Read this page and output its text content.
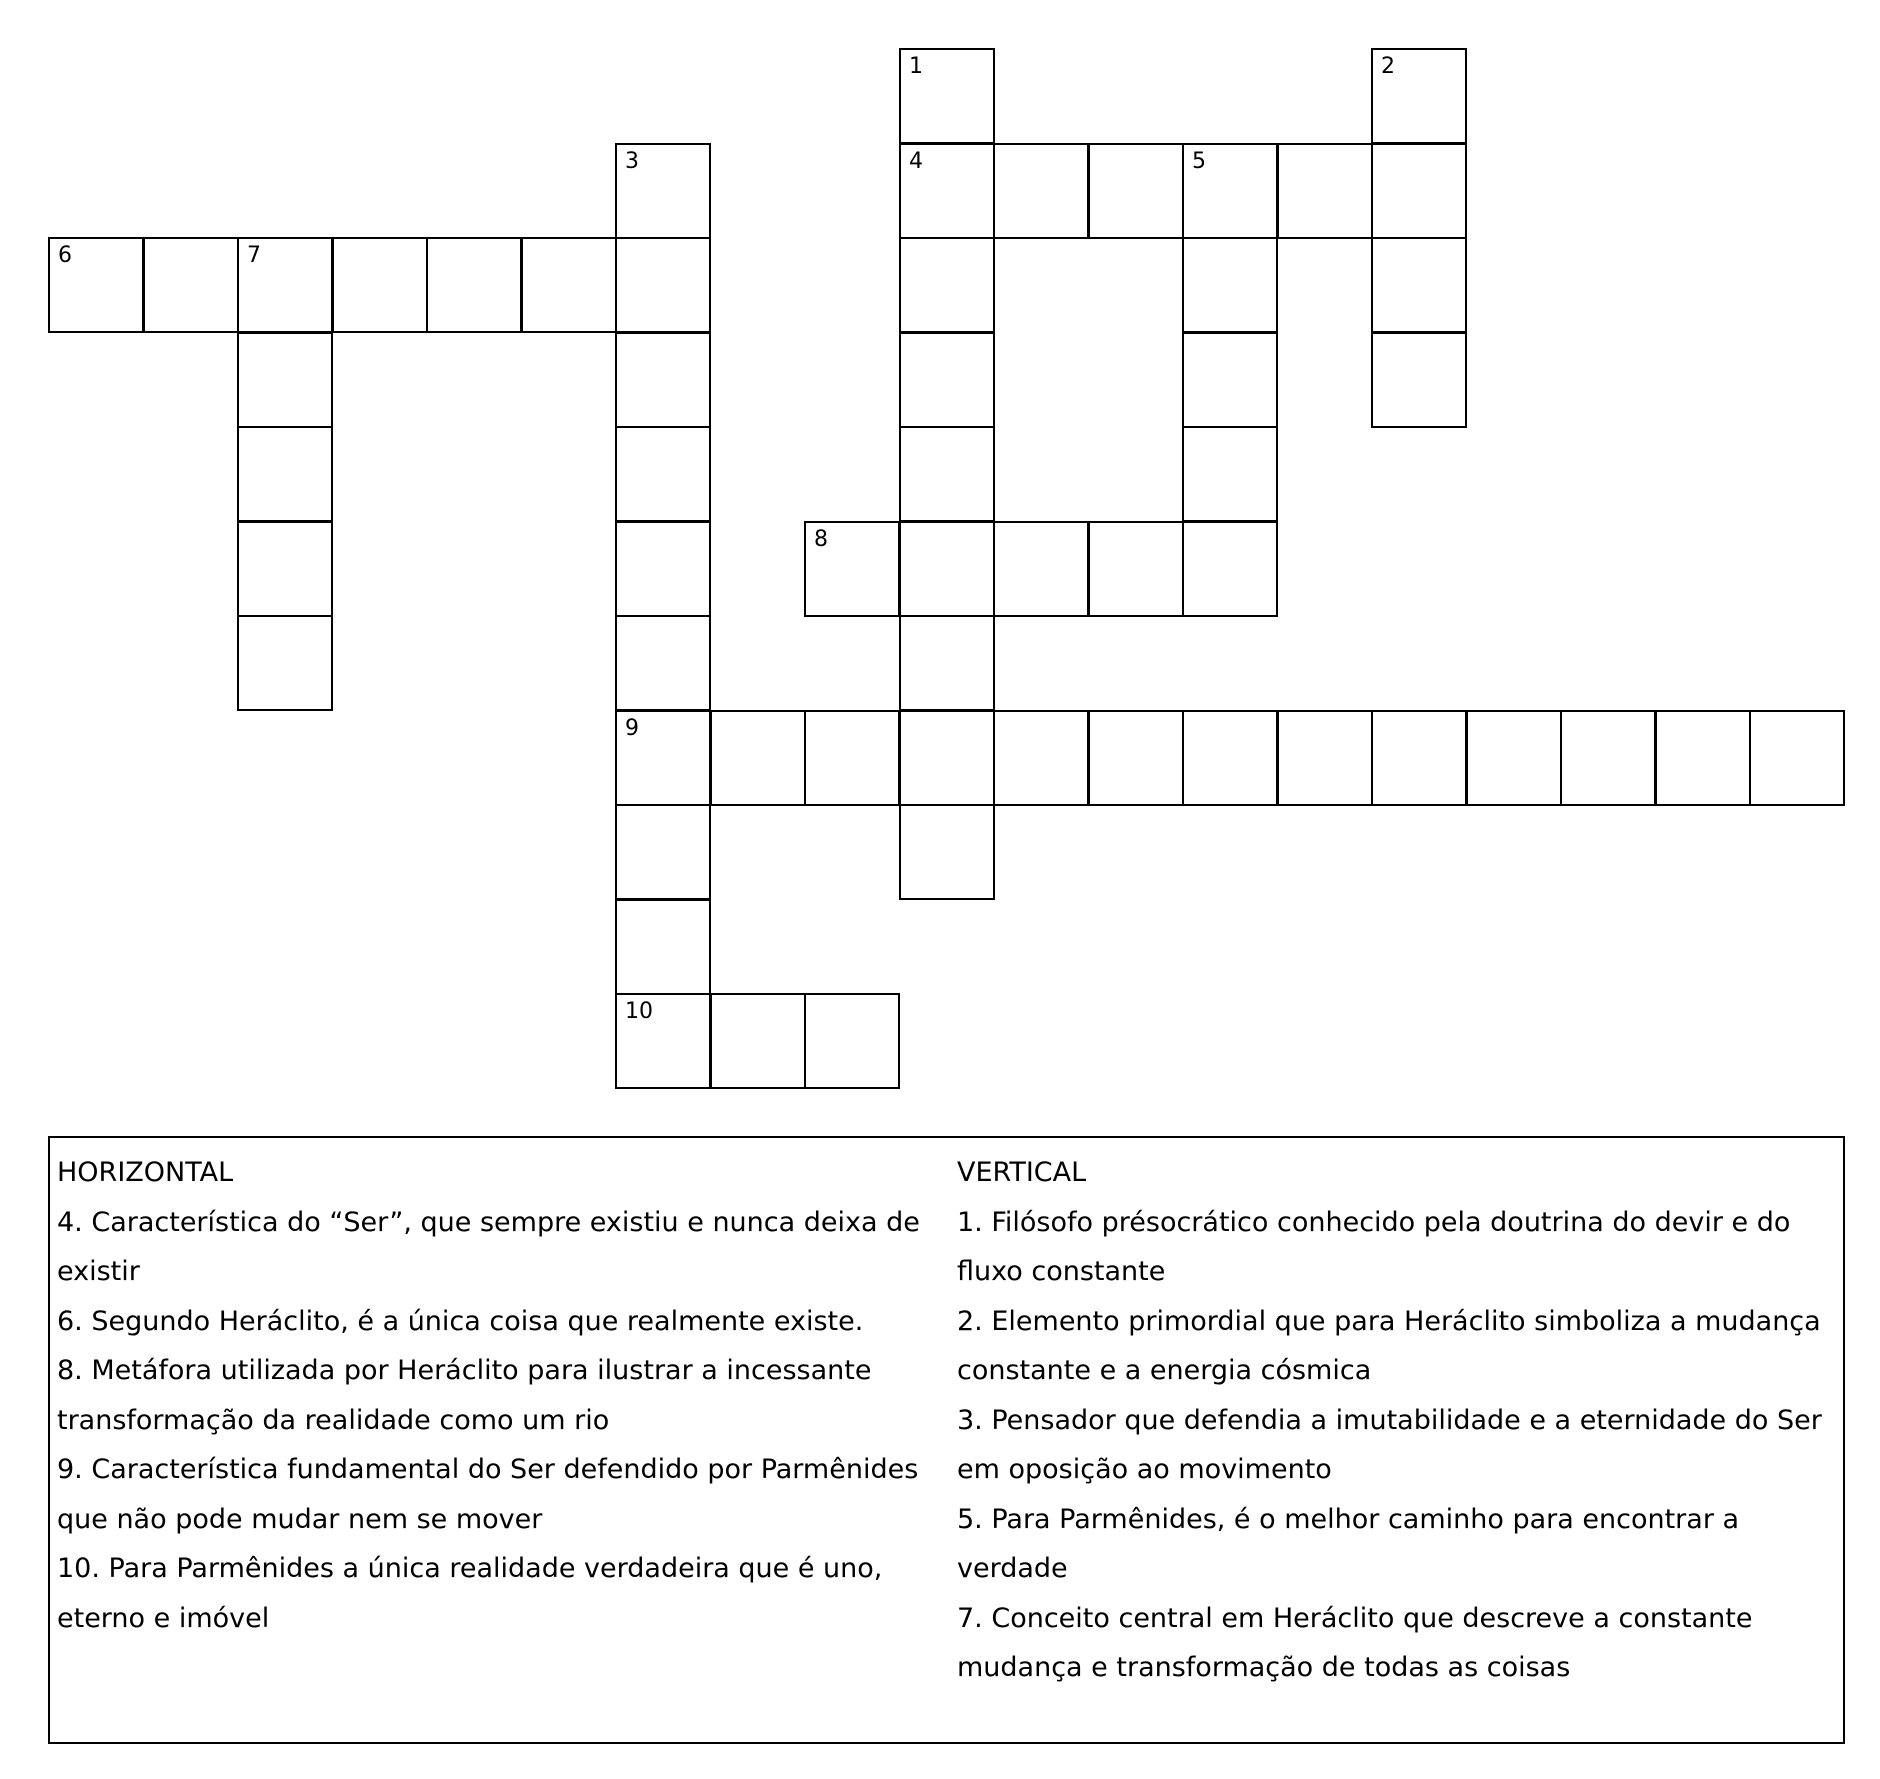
6	7
3
1
4	5
2
8
9
10

HORIZONTAL

4. Característica do “Ser”, que sempre existiu e nunca deixa de existir

6. Segundo Heráclito, é a única coisa que realmente existe.

8. Metáfora utilizada por Heráclito para ilustrar a incessante transformação da realidade como um rio

9. Característica fundamental do Ser defendido por Parmênides que não pode mudar nem se mover

10. Para Parmênides a única realidade verdadeira que é uno, eterno e imóvel

VERTICAL

1. Filósofo présocrático conhecido pela doutrina do devir e do fluxo constante

2. Elemento primordial que para Heráclito simboliza a mudança constante e a energia cósmica

3. Pensador que defendia a imutabilidade e a eternidade do Ser em oposição ao movimento

5. Para Parmênides, é o melhor caminho para encontrar a verdade

7. Conceito central em Heráclito que descreve a constante mudança e transformação de todas as coisas
